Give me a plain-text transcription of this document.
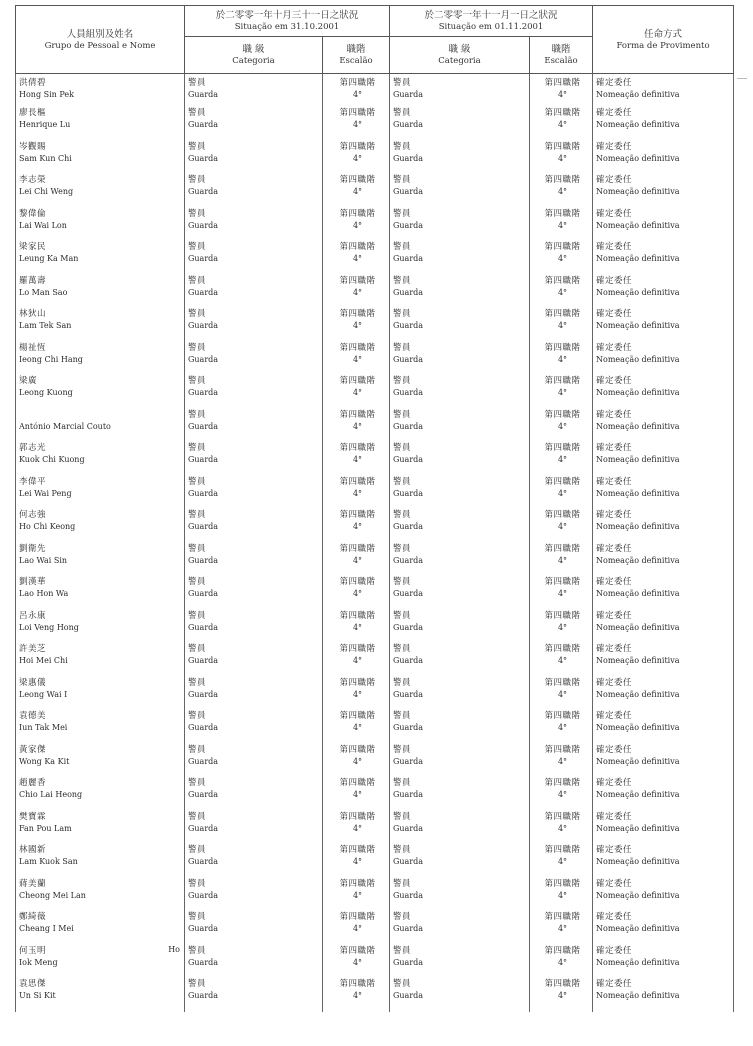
人員組別及姓名
Grupo de Pessoal e Nome	於二零零一年十月三十一日之狀況
Situação em 31.10.2001		於二零零一年十一月一日之狀況
Situação em 01.11.2001		任命方式
Forma de Provimento

	職 級
Categoria	職階
Escalão	職 級
Categoria	職階
Escalão	

洪倩碧
Hong Sin Pek	警員
Guarda	第四職階
4°	警員
Guarda	第四職階
4°	確定委任
Nomeação definitiva

廖長樞
Henrique Lu	警員
Guarda	第四職階
4°	警員
Guarda	第四職階
4°	確定委任
Nomeação definitiva

岑觀賜
Sam Kun Chi	警員
Guarda	第四職階
4°	警員
Guarda	第四職階
4°	確定委任
Nomeação definitiva

李志榮
Lei Chi Weng	警員
Guarda	第四職階
4°	警員
Guarda	第四職階
4°	確定委任
Nomeação definitiva

黎偉倫
Lai Wai Lon	警員
Guarda	第四職階
4°	警員
Guarda	第四職階
4°	確定委任
Nomeação definitiva

梁家民
Leung Ka Man	警員
Guarda	第四職階
4°	警員
Guarda	第四職階
4°	確定委任
Nomeação definitiva

羅萬壽
Lo Man Sao	警員
Guarda	第四職階
4°	警員
Guarda	第四職階
4°	確定委任
Nomeação definitiva

林狄山
Lam Tek San	警員
Guarda	第四職階
4°	警員
Guarda	第四職階
4°	確定委任
Nomeação definitiva

楊祉恆
Ieong Chi Hang	警員
Guarda	第四職階
4°	警員
Guarda	第四職階
4°	確定委任
Nomeação definitiva

梁廣
Leong Kuong	警員
Guarda	第四職階
4°	警員
Guarda	第四職階
4°	確定委任
Nomeação definitiva

António Marcial Couto	警員
Guarda	第四職階
4°	警員
Guarda	第四職階
4°	確定委任
Nomeação definitiva

郭志光
Kuok Chi Kuong	警員
Guarda	第四職階
4°	警員
Guarda	第四職階
4°	確定委任
Nomeação definitiva

李偉平
Lei Wai Peng	警員
Guarda	第四職階
4°	警員
Guarda	第四職階
4°	確定委任
Nomeação definitiva

何志強
Ho Chi Keong	警員
Guarda	第四職階
4°	警員
Guarda	第四職階
4°	確定委任
Nomeação definitiva

劉衛先
Lao Wai Sin	警員
Guarda	第四職階
4°	警員
Guarda	第四職階
4°	確定委任
Nomeação definitiva

劉漢華
Lao Hon Wa	警員
Guarda	第四職階
4°	警員
Guarda	第四職階
4°	確定委任
Nomeação definitiva

呂永康
Loi Veng Hong	警員
Guarda	第四職階
4°	警員
Guarda	第四職階
4°	確定委任
Nomeação definitiva

許美芝
Hoi Mei Chi	警員
Guarda	第四職階
4°	警員
Guarda	第四職階
4°	確定委任
Nomeação definitiva

梁惠儀
Leong Wai I	警員
Guarda	第四職階
4°	警員
Guarda	第四職階
4°	確定委任
Nomeação definitiva

袁德美
Iun Tak Mei	警員
Guarda	第四職階
4°	警員
Guarda	第四職階
4°	確定委任
Nomeação definitiva

黃家傑
Wong Ka Kit	警員
Guarda	第四職階
4°	警員
Guarda	第四職階
4°	確定委任
Nomeação definitiva

趙麗香
Chio Lai Heong	警員
Guarda	第四職階
4°	警員
Guarda	第四職階
4°	確定委任
Nomeação definitiva

樊寶霖
Fan Pou Lam	警員
Guarda	第四職階
4°	警員
Guarda	第四職階
4°	確定委任
Nomeação definitiva

林國新
Lam Kuok San	警員
Guarda	第四職階
4°	警員
Guarda	第四職階
4°	確定委任
Nomeação definitiva

蔣美蘭
Cheong Mei Lan	警員
Guarda	第四職階
4°	警員
Guarda	第四職階
4°	確定委任
Nomeação definitiva

鄭綺薇
Cheang I Mei	警員
Guarda	第四職階
4°	警員
Guarda	第四職階
4°	確定委任
Nomeação definitiva

何玉明 Ho
Iok Meng	警員
Guarda	第四職階
4°	警員
Guarda	第四職階
4°	確定委任
Nomeação definitiva

袁思傑
Un Si Kit	警員
Guarda	第四職階
4°	警員
Guarda	第四職階
4°	確定委任
Nomeação definitiva
